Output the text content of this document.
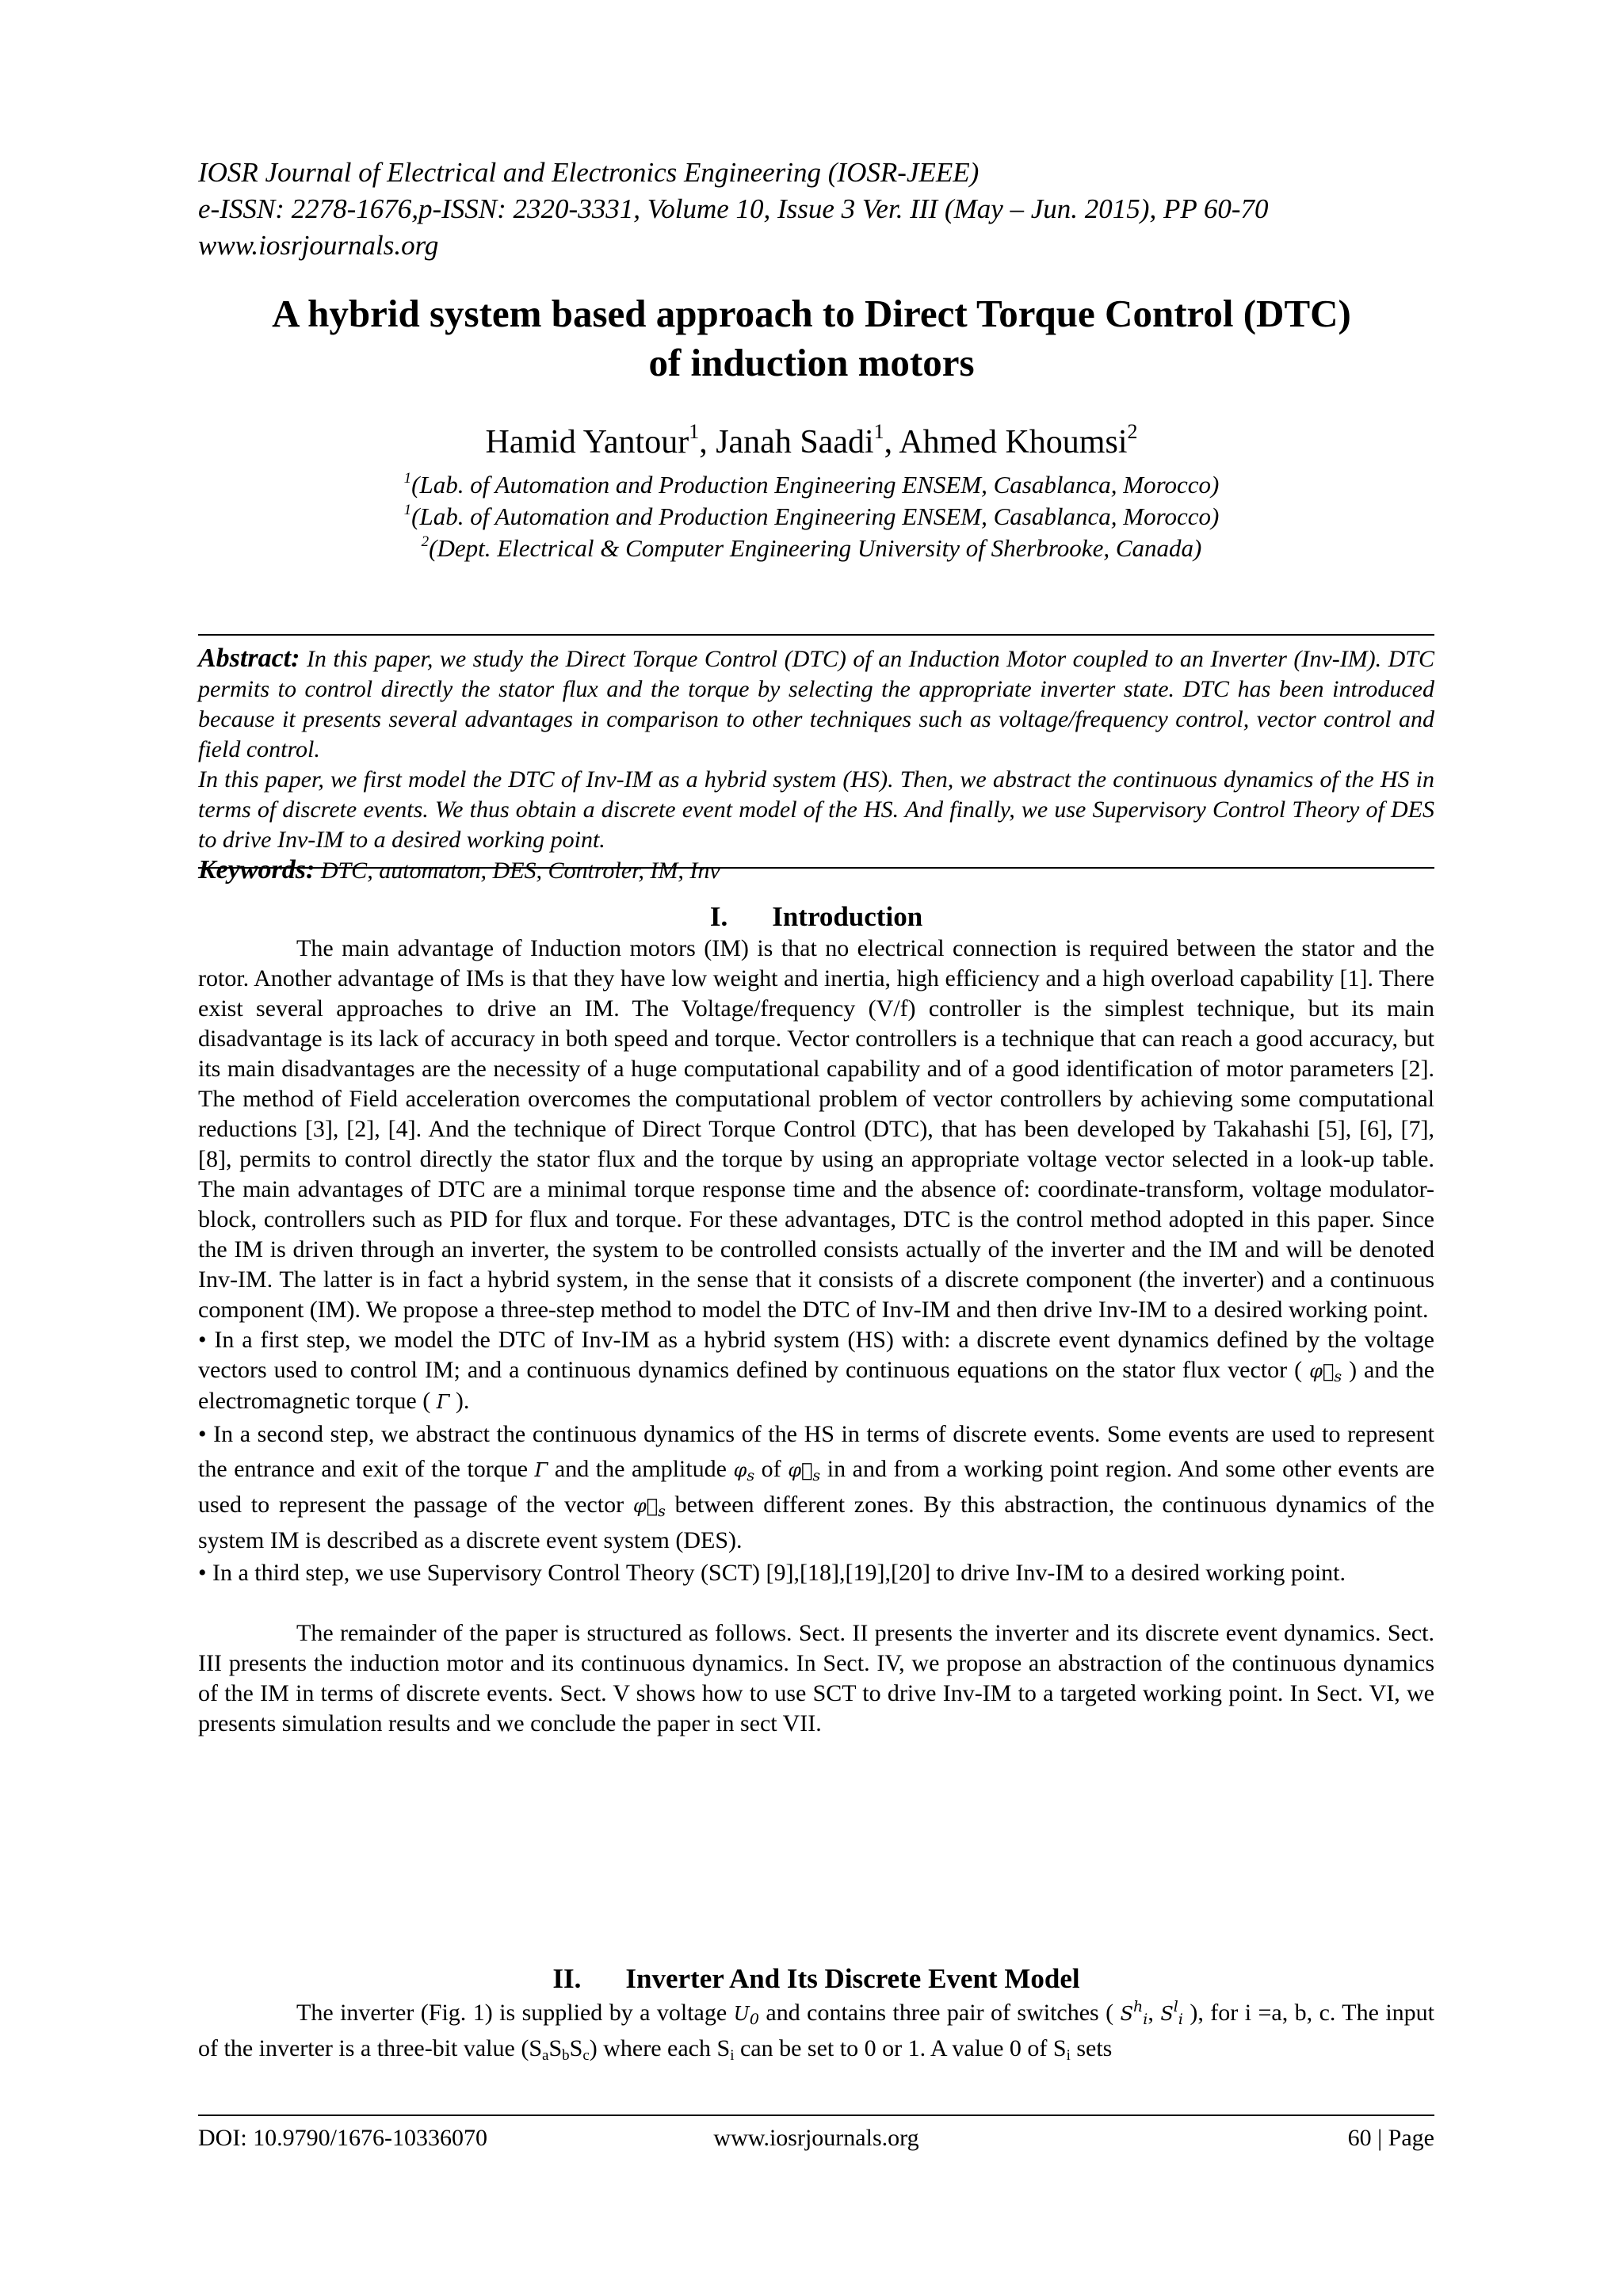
IOSR Journal of Electrical and Electronics Engineering (IOSR-JEEE)
e-ISSN: 2278-1676,p-ISSN: 2320-3331, Volume 10, Issue 3 Ver. III (May – Jun. 2015), PP 60-70
www.iosrjournals.org
A hybrid system based approach to Direct Torque Control (DTC)
of induction motors
Hamid Yantour$^1$, Janah Saadi$^1$, Ahmed Khoumsi$^2$
$^1$(Lab. of Automation and Production Engineering ENSEM, Casablanca, Morocco)
$^1$(Lab. of Automation and Production Engineering ENSEM, Casablanca, Morocco)
$^2$(Dept. Electrical & Computer Engineering University of Sherbrooke, Canada)

Abstract: In this paper, we study the Direct Torque Control (DTC) of an Induction Motor coupled to an Inverter (Inv-IM). DTC permits to control directly the stator flux and the torque by selecting the appropriate inverter state. DTC has been introduced because it presents several advantages in comparison to other techniques such as voltage/frequency control, vector control and field control.

In this paper, we first model the DTC of Inv-IM as a hybrid system (HS). Then, we abstract the continuous dynamics of the HS in terms of discrete events. We thus obtain a discrete event model of the HS. And finally, we use Supervisory Control Theory of DES to drive Inv-IM to a desired working point.

Keywords: DTC, automaton, DES, Controler, IM, Inv

I. Introduction

The main advantage of Induction motors (IM) is that no electrical connection is required between the stator and the rotor. Another advantage of IMs is that they have low weight and inertia, high efficiency and a high overload capability [1]. There exist several approaches to drive an IM. The Voltage/frequency (V/f) controller is the simplest technique, but its main disadvantage is its lack of accuracy in both speed and torque. Vector controllers is a technique that can reach a good accuracy, but its main disadvantages are the necessity of a huge computational capability and of a good identification of motor parameters [2]. The method of Field acceleration overcomes the computational problem of vector controllers by achieving some computational reductions [3], [2], [4]. And the technique of Direct Torque Control (DTC), that has been developed by Takahashi [5], [6], [7], [8], permits to control directly the stator flux and the torque by using an appropriate voltage vector selected in a look-up table. The main advantages of DTC are a minimal torque response time and the absence of: coordinate-transform, voltage modulator-block, controllers such as PID for flux and torque. For these advantages, DTC is the control method adopted in this paper. Since the IM is driven through an inverter, the system to be controlled consists actually of the inverter and the IM and will be denoted Inv-IM. The latter is in fact a hybrid system, in the sense that it consists of a discrete component (the inverter) and a continuous component (IM). We propose a three-step method to model the DTC of Inv-IM and then drive Inv-IM to a desired working point.

• In a first step, we model the DTC of Inv-IM as a hybrid system (HS) with: a discrete event dynamics defined by the voltage vectors used to control IM; and a continuous dynamics defined by continuous equations on the stator flux vector ( $\varphi⃗_s$ ) and the electromagnetic torque ( Γ ).

• In a second step, we abstract the continuous dynamics of the HS in terms of discrete events. Some events are used to represent the entrance and exit of the torque Γ and the amplitude $\varphi_s$ of $\varphi⃗_s$ in and from a working point region. And some other events are used to represent the passage of the vector $\varphi⃗_s$ between different zones. By this abstraction, the continuous dynamics of the system IM is described as a discrete event system (DES).

• In a third step, we use Supervisory Control Theory (SCT) [9],[18],[19],[20] to drive Inv-IM to a desired working point.

The remainder of the paper is structured as follows. Sect. II presents the inverter and its discrete event dynamics. Sect. III presents the induction motor and its continuous dynamics. In Sect. IV, we propose an abstraction of the continuous dynamics of the IM in terms of discrete events. Sect. V shows how to use SCT to drive Inv-IM to a targeted working point. In Sect. VI, we presents simulation results and we conclude the paper in sect VII.

II. Inverter And Its Discrete Event Model

The inverter (Fig. 1) is supplied by a voltage $U_0$ and contains three pair of switches ( $S^h_i$, $S^l_i$ ), for i =a, b, c. The input of the inverter is a three-bit value $(S_aS_bS_c)$ where each $S_i$ can be set to 0 or 1. A value 0 of $S_i$ sets

DOI: 10.9790/1676-10336070	www.iosrjournals.org	60 | Page
